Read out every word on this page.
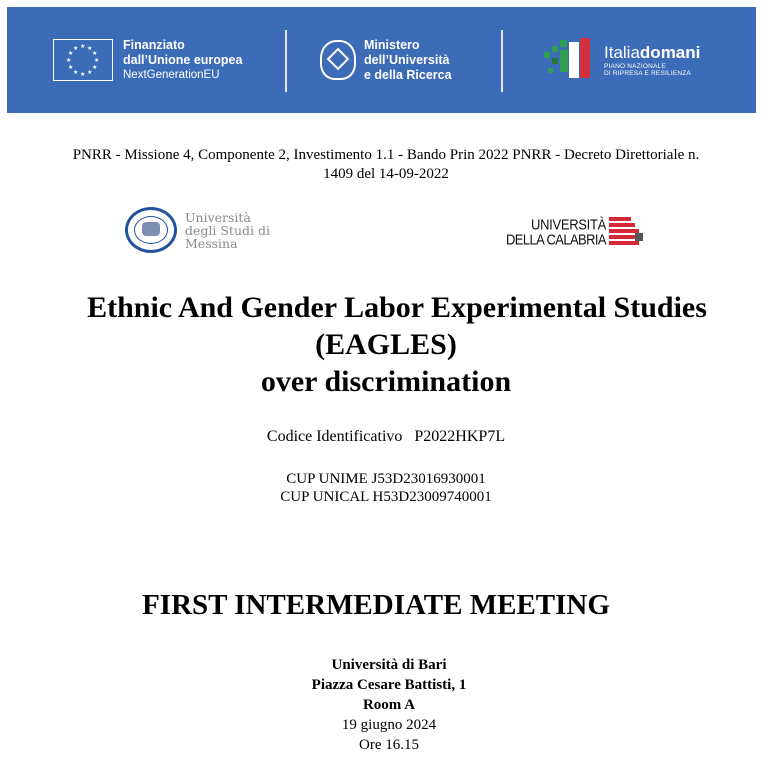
★ ★
★
★
★
★
★
★
★
★
★
★	Finanziato
dall’Unione europea
NextGenerationEU
Ministero
dell’Università
e della Ricerca
Italiadomani
PIANO NAZIONALE
DI RIPRESA E RESILIENZA
PNRR - Missione 4, Componente 2, Investimento 1.1 - Bando Prin 2022 PNRR - Decreto Direttoriale n.
1409 del 14-09-2022
Università
degli Studi di
Messina
UNIVERSITÀ
DELLA CALABRIA
Ethnic And Gender Labor Experimental Studies
(EAGLES)
over discrimination
Codice Identificativo P2022HKP7L
CUP UNIME J53D23016930001
CUP UNICAL H53D23009740001
FIRST INTERMEDIATE MEETING
Università di Bari
Piazza Cesare Battisti, 1
Room A
19 giugno 2024
Ore 16.15
